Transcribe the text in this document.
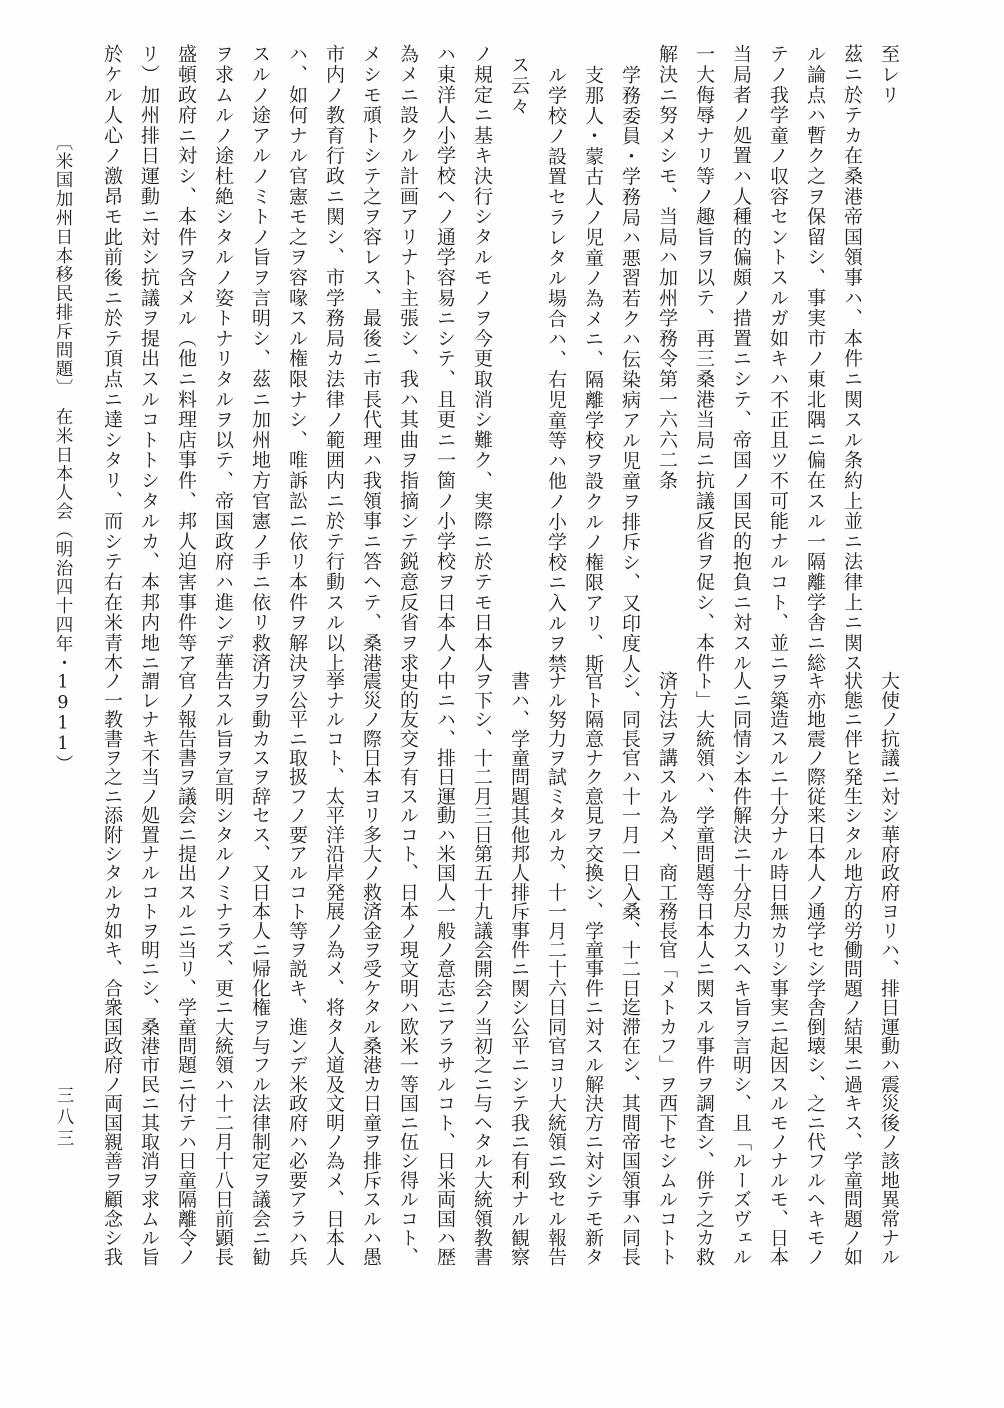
至レリ
茲ニ於テカ在桑港帝国領事ハ、本件ニ関スル条約上並ニ法律上ニ関ス
ル論点ハ暫ク之ヲ保留シ、事実市ノ東北隅ニ偏在スル一隔離学舎ニ総
テノ我学童ノ収容セントスルガ如キハ不正且ツ不可能ナルコト、並ニ
当局者ノ処置ハ人種的偏頗ノ措置ニシテ、帝国ノ国民的抱負ニ対スル
一大侮辱ナリ等ノ趣旨ヲ以テ、再三桑港当局ニ抗議反省ヲ促シ、本件
解決ニ努メシモ、当局ハ加州学務令第一六六二条
学務委員・学務局ハ悪習若クハ伝染病アル児童ヲ排斥シ、又印度人
支那人・蒙古人ノ児童ノ為メニ、隔離学校ヲ設クルノ権限アリ、斯
ル学校ノ設置セラレタル場合ハ、右児童等ハ他ノ小学校ニ入ルヲ禁
ス云々
ノ規定ニ基キ決行シタルモノヲ今更取消シ難ク、実際ニ於テモ日本人
ハ東洋人小学校ヘノ通学容易ニシテ、且更ニ一箇ノ小学校ヲ日本人ノ
為メニ設クル計画アリナト主張シ、我ハ其曲ヲ指摘シテ鋭意反省ヲ求
メシモ頑トシテ之ヲ容レス、最後ニ市長代理ハ我領事ニ答ヘテ、桑港
市内ノ教育行政ニ関シ、市学務局カ法律ノ範囲内ニ於テ行動スル以上
ハ、如何ナル官憲モ之ヲ容喙スル権限ナシ、唯訴訟ニ依リ本件ヲ解決
スルノ途アルノミトノ旨ヲ言明シ、茲ニ加州地方官憲ノ手ニ依リ救済
ヲ求ムルノ途杜絶シタルノ姿トナリタルヲ以テ、帝国政府ハ進ンデ華
盛頓政府ニ対シ、本件ヲ含メル（他ニ料理店事件、邦人迫害事件等ア
リ）加州排日運動ニ対シ抗議ヲ提出スルコトトシタルカ、本邦内地ニ
於ケル人心ノ激昂モ此前後ニ於テ頂点ニ達シタリ、而シテ右在米青木
〔米国加州日本移民排斥問題〕　在米日本人会（明治四十四年・1911）	大使ノ抗議ニ対シ華府政府ヨリハ、排日運動ハ震災後ノ該地異常ナル
状態ニ伴ヒ発生シタル地方的労働問題ノ結果ニ過キス、学童問題ノ如
キ亦地震ノ際従来日本人ノ通学セシ学舎倒壊シ、之ニ代フルヘキモノ
ヲ築造スルニ十分ナル時日無カリシ事実ニ起因スルモノナルモ、日本
人ニ同情シ本件解決ニ十分尽力スヘキ旨ヲ言明シ、且「ルーズヴェル
ト」大統領ハ、学童問題等日本人ニ関スル事件ヲ調査シ、併テ之カ救
済方法ヲ講スル為メ、商工務長官「メトカフ」ヲ西下セシムルコトト
シ、同長官ハ十一月一日入桑、十二日迄滞在シ、其間帝国領事ハ同長
官ト隔意ナク意見ヲ交換シ、学童事件ニ対スル解決方ニ対シテモ新タ
ナル努力ヲ試ミタルカ、十一月二十六日同官ヨリ大統領ニ致セル報告
書ハ、学童問題其他邦人排斥事件ニ関シ公平ニシテ我ニ有利ナル観察
ヲ下シ、十二月三日第五十九議会開会ノ当初之ニ与ヘタル大統領教書
中ニハ、排日運動ハ米国人一般ノ意志ニアラサルコト、日米両国ハ歴
史的友交ヲ有スルコト、日本ノ現文明ハ欧米一等国ニ伍シ得ルコト、
震災ノ際日本ヨリ多大ノ救済金ヲ受ケタル桑港カ日童ヲ排斥スルハ愚
挙ナルコト、太平洋沿岸発展ノ為メ、将タ人道及文明ノ為メ、日本人
ヲ公平ニ取扱フノ要アルコト等ヲ説キ、進ンデ米政府ハ必要アラハ兵
力ヲ動カスヲ辞セス、又日本人ニ帰化権ヲ与フル法律制定ヲ議会ニ勧
告スル旨ヲ宣明シタルノミナラズ、更ニ大統領ハ十二月十八日前顕長
官ノ報告書ヲ議会ニ提出スルニ当リ、学童問題ニ付テハ日童隔離令ノ
謂レナキ不当ノ処置ナルコトヲ明ニシ、桑港市民ニ其取消ヲ求ムル旨
ノ一教書ヲ之ニ添附シタルカ如キ、合衆国政府ノ両国親善ヲ顧念シ我
三八三
